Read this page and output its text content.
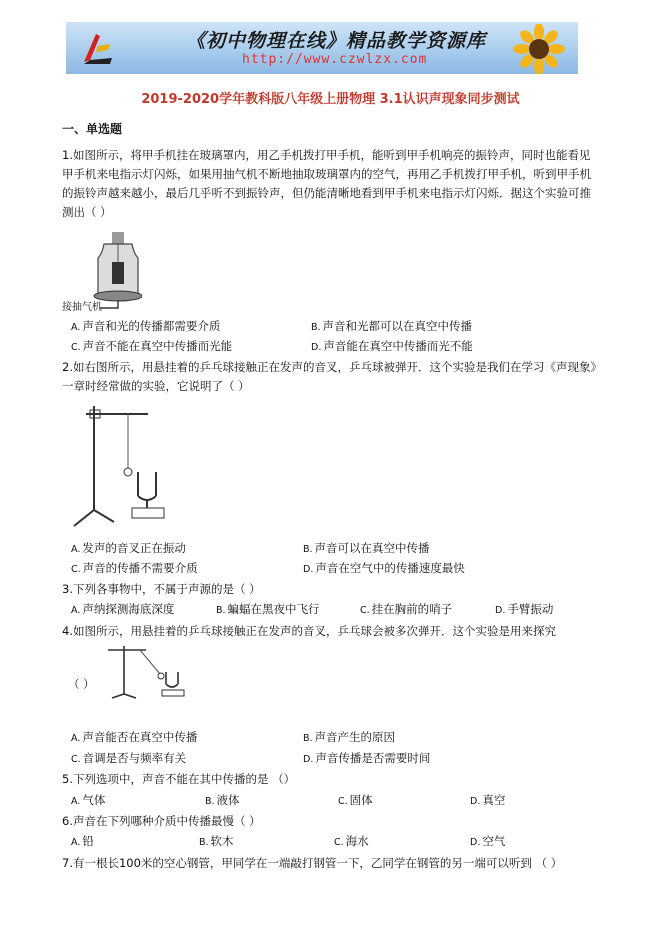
《初中物理在线》精品教学资源库
http://www.czwlzx.com
2019-2020学年教科版八年级上册物理 3.1认识声现象同步测试
一、单选题
1.如图所示，将甲手机挂在玻璃罩内，用乙手机拨打甲手机，能听到甲手机响亮的振铃声，同时也能看见
甲手机来电指示灯闪烁，如果用抽气机不断地抽取玻璃罩内的空气，再用乙手机拨打甲手机，听到甲手机
的振铃声越来越小，最后几乎听不到振铃声，但仍能清晰地看到甲手机来电指示灯闪烁．据这个实验可推
测出（ ）
接抽气机
A. 声音和光的传播都需要介质	B. 声音和光都可以在真空中传播
C. 声音不能在真空中传播而光能	D. 声音能在真空中传播而光不能
2.如右图所示，用悬挂着的乒乓球接触正在发声的音叉，乒乓球被弹开．这个实验是我们在学习《声现象》
一章时经常做的实验，它说明了（ ）
A. 发声的音叉正在振动	B. 声音可以在真空中传播
C. 声音的传播不需要介质	D. 声音在空气中的传播速度最快
3.下列各事物中，不属于声源的是（ ）
A. 声纳探测海底深度	B. 蝙蝠在黑夜中飞行	C. 挂在胸前的哨子	D. 手臂振动
4.如图所示，用悬挂着的乒乓球接触正在发声的音叉，乒乓球会被多次弹开．这个实验是用来探究
（ ）
A. 声音能否在真空中传播	B. 声音产生的原因
C. 音调是否与频率有关	D. 声音传播是否需要时间
5.下列选项中，声音不能在其中传播的是 （）
A. 气体	B. 液体	C. 固体	D. 真空
6.声音在下列哪种介质中传播最慢（ ）
A. 铅	B. 软木	C. 海水	D. 空气
7.有一根长100米的空心钢管，甲同学在一端敲打钢管一下，乙同学在钢管的另一端可以听到 （ ）
